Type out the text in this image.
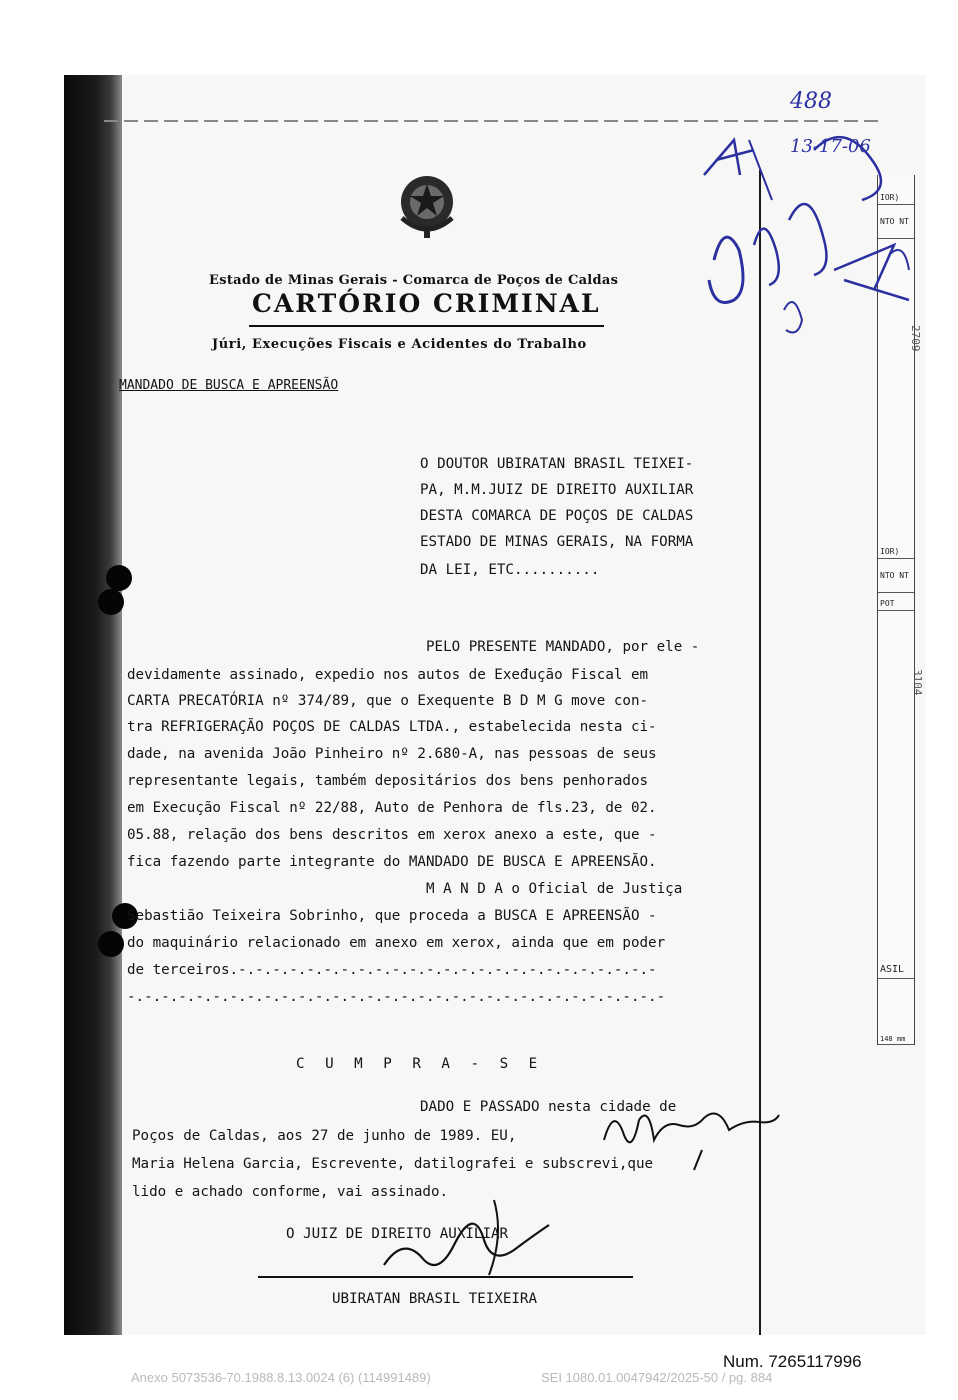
IOR)
NTO NT
IOR)
NTO NT
POT
ASIL
148 mm
2709
3104
Estado de Minas Gerais - Comarca de Poços de Caldas
CARTÓRIO CRIMINAL
Júri, Execuções Fiscais e Acidentes do Trabalho
MANDADO DE BUSCA E APREENSÃO
O DOUTOR UBIRATAN BRASIL TEIXEI-
PA, M.M.JUIZ DE DIREITO AUXILIAR
DESTA COMARCA DE POÇOS DE CALDAS
ESTADO DE MINAS GERAIS, NA FORMA
DA LEI, ETC..........
PELO PRESENTE MANDADO, por ele -
devidamente assinado, expedio nos autos de Exeđução Fiscal em
CARTA PRECATÓRIA nº 374/89, que o Exequente B D M G move con-
tra REFRIGERAÇÃO POÇOS DE CALDAS LTDA., estabelecida nesta ci-
dade, na avenida João Pinheiro nº 2.680-A, nas pessoas de seus
representante legais, também depositários dos bens penhorados
em Execução Fiscal nº 22/88, Auto de Penhora de fls.23, de 02.
05.88, relação dos bens descritos em xerox anexo a este, que -
fica fazendo parte integrante do MANDADO DE BUSCA E APREENSÃO.
M A N D A o Oficial de Justiça
Sebastião Teixeira Sobrinho, que proceda a BUSCA E APREENSÃO -
do maquinário relacionado em anexo em xerox, ainda que em poder
de terceiros.-.-.-.-.-.-.-.-.-.-.-.-.-.-.-.-.-.-.-.-.-.-.-.-.-
-.-.-.-.-.-.-.-.-.-.-.-.-.-.-.-.-.-.-.-.-.-.-.-.-.-.-.-.-.-.-.-
C U M P R A - S E
DADO E PASSADO nesta cidade de
Poços de Caldas, aos 27 de junho de 1989. EU,
Maria Helena Garcia, Escrevente, datilografei e subscrevi,que
lido e achado conforme, vai assinado.
O JUIZ DE DIREITO AUXILIAR
UBIRATAN BRASIL TEIXEIRA
488
13-17-06
Num. 7265117996
Anexo 5073536-70.1988.8.13.0024 (6) (114991489)	SEI 1080.01.0047942/2025-50 / pg. 884
